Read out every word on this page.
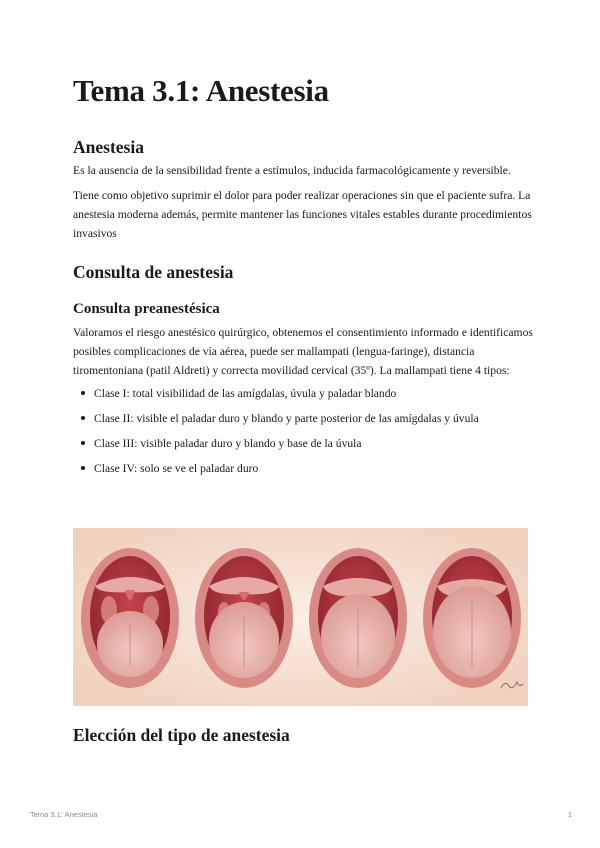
Tema 3.1: Anestesia
Anestesia

Es la ausencia de la sensibilidad frente a estímulos, inducida farmacológicamente y reversible.

Tiene como objetivo suprimir el dolor para poder realizar operaciones sin que el paciente sufra. La anestesia moderna además, permite mantener las funciones vitales estables durante procedimientos invasivos

Consulta de anestesia
Consulta preanestésica

Valoramos el riesgo anestésico quirúrgico, obtenemos el consentimiento informado e identificamos posibles complicaciones de vía aérea, puede ser mallampati (lengua-faringe), distancia tiromentoniana (patil Aldreti) y correcta movilidad cervical (35º). La mallampati tiene 4 tipos:

Clase I: total visibilidad de las amígdalas, úvula y paladar blando
Clase II: visible el paladar duro y blando y parte posterior de las amígdalas y úvula
Clase III: visible paladar duro y blando y base de la úvula
Clase IV: solo se ve el paladar duro
Elección del tipo de anestesia
Tema 3.1: Anestesia	1
